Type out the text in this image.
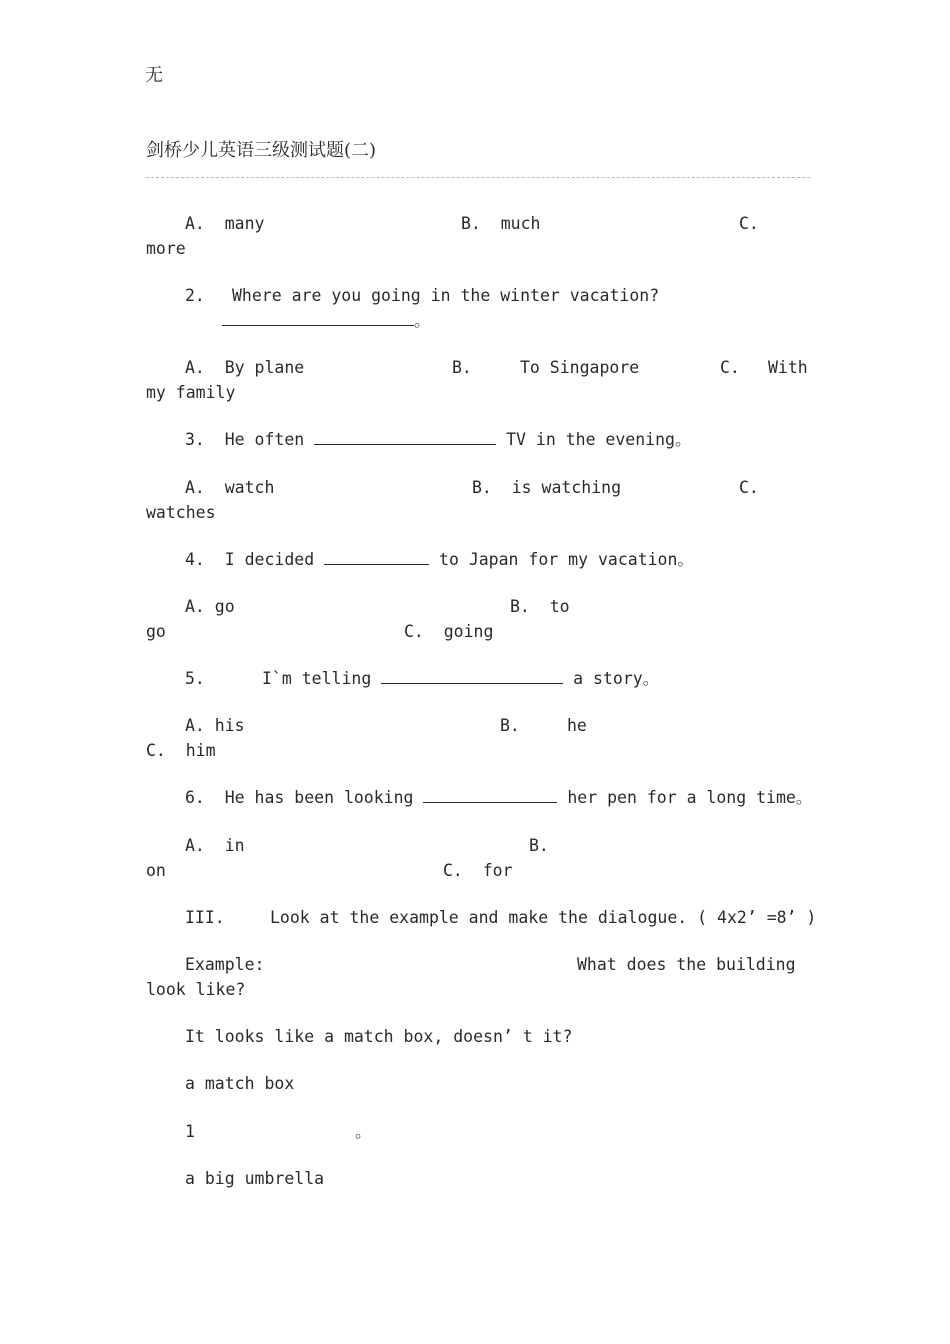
无
剑桥少儿英语三级测试题(二)
A.  many	B.  much	C.
more
2. Where are you going in the winter vacation?
。
A.  By plane	B.	To Singapore	C. With
my family
3.  He often	TV in the evening。
A.  watch	B.  is watching	C.
watches
4.  I decided	to Japan for my vacation。
A. go	B.  to
go	C.  going
5.	I`m telling	a story。
A. his	B.	he
C.  him
6.  He has been looking	her pen for a long time。
A.  in	B.
on	C.  for
III.	Look at the example and make the dialogue. ( 4x2’ =8’ )
Example:	What does the building
look like?
It looks like a match box, doesn’ t it?
a match box
1	。
a big umbrella
